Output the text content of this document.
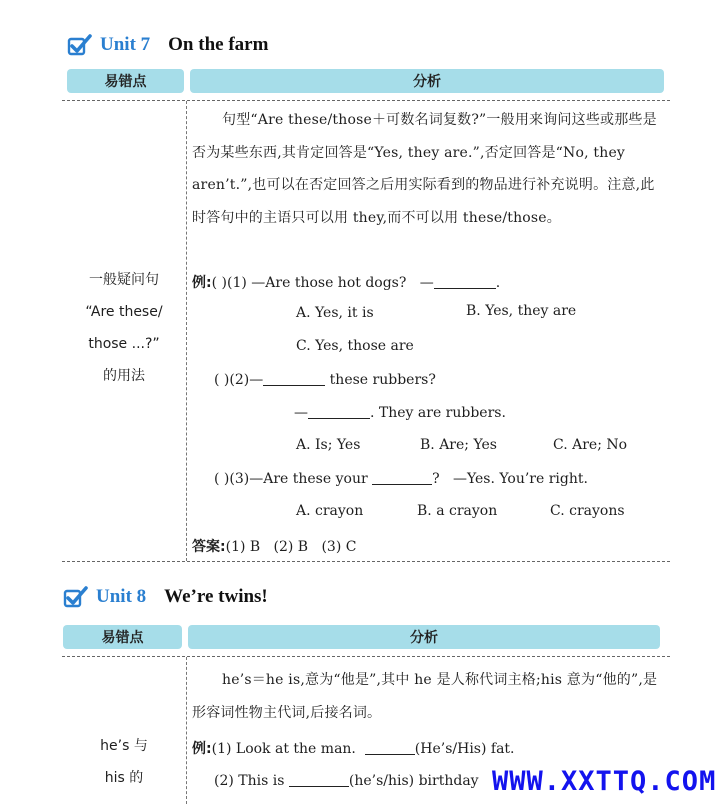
Unit 7 On the farm
易错点	分析
一般疑问句
“Are these/
those ...?”
的用法

句型“Are these/those＋可数名词复数?”一般用来询问这些或那些是否为某些东西,其肯定回答是“Yes, they are.”,否定回答是“No, they aren’t.”,也可以在否定回答之后用实际看到的物品进行补充说明。注意,此时答句中的主语只可以用 they,而不可以用 these/those。

例:( )(1) —Are those hot dogs? —	.
A. Yes, it is	B. Yes, they are
C. Yes, those are
( )(2)—	these rubbers?
—	. They are rubbers.
A. Is; Yes	B. Are; Yes	C. Are; No
( )(3)—Are these your	? —Yes. You’re right.
A. crayon	B. a crayon	C. crayons
答案:(1) B   (2) B   (3) C
Unit 8 We’re twins!
易错点	分析
he’s 与
his 的

he’s＝he is,意为“他是”,其中 he 是人称代词主格;his 意为“他的”,是形容词性物主代词,后接名词。

例:(1) Look at the man.	(He’s/His) fat.
(2) This is	(he’s/his) birthday WWW.XXTTQ.COM
